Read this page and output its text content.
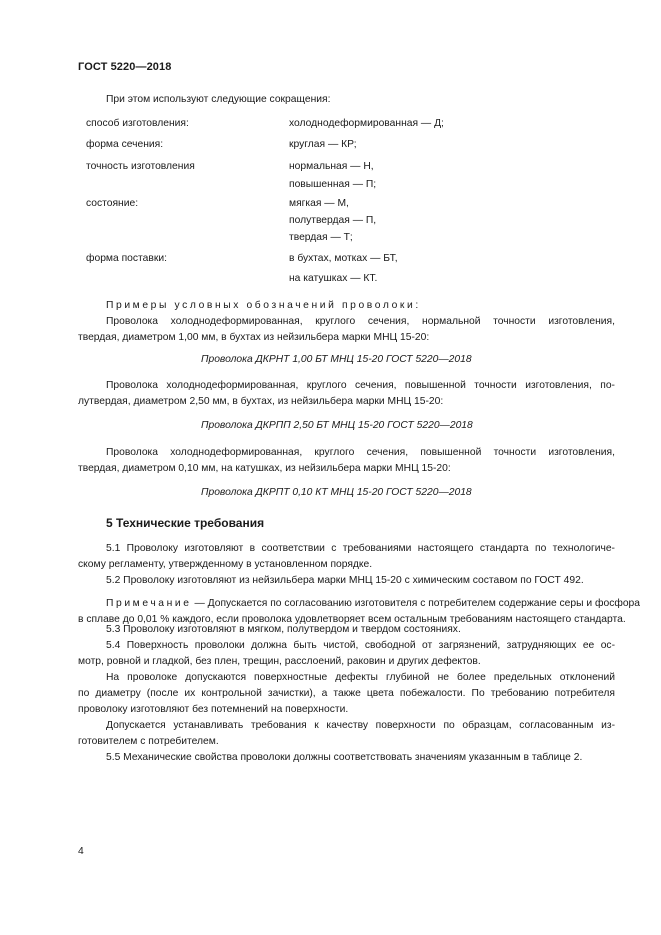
ГОСТ 5220—2018
При этом используют следующие сокращения:
способ изготовления:	холоднодеформированная — Д;
форма сечения:	круглая — КР;
точность изготовления	нормальная — Н,
повышенная — П;
состояние:	мягкая — М,
полутвердая — П,
твердая — Т;
форма поставки:	в бухтах, мотках — БТ,
на катушках — КТ.
Примеры условных обозначений проволоки:
Проволока холоднодеформированная, круглого сечения, нормальной точности изготовления,
твердая, диаметром 1,00 мм, в бухтах из нейзильбера марки МНЦ 15-20:
Проволока ДКРНТ 1,00 БТ МНЦ 15-20 ГОСТ 5220—2018
Проволока холоднодеформированная, круглого сечения, повышенной точности изготовления, по-
лутвердая, диаметром 2,50 мм, в бухтах, из нейзильбера марки МНЦ 15-20:
Проволока ДКРПП 2,50 БТ МНЦ 15-20 ГОСТ 5220—2018
Проволока холоднодеформированная, круглого сечения, повышенной точности изготовления,
твердая, диаметром 0,10 мм, на катушках, из нейзильбера марки МНЦ 15-20:
Проволока ДКРПТ 0,10 КТ МНЦ 15-20 ГОСТ 5220—2018
5 Технические требования
5.1 Проволоку изготовляют в соответствии с требованиями настоящего стандарта по технологиче-
скому регламенту, утвержденному в установленном порядке.
5.2 Проволоку изготовляют из нейзильбера марки МНЦ 15-20 с химическим составом по ГОСТ 492.
Примечание — Допускается по согласованию изготовителя с потребителем содержание серы и фосфора
в сплаве до 0,01 % каждого, если проволока удовлетворяет всем остальным требованиям настоящего стандарта.
5.3 Проволоку изготовляют в мягком, полутвердом и твердом состояниях.
5.4 Поверхность проволоки должна быть чистой, свободной от загрязнений, затрудняющих ее ос-
мотр, ровной и гладкой, без плен, трещин, расслоений, раковин и других дефектов.
На проволоке допускаются поверхностные дефекты глубиной не более предельных отклонений
по диаметру (после их контрольной зачистки), а также цвета побежалости. По требованию потребителя
проволоку изготовляют без потемнений на поверхности.
Допускается устанавливать требования к качеству поверхности по образцам, согласованным из-
готовителем с потребителем.
5.5 Механические свойства проволоки должны соответствовать значениям указанным в таблице 2.
4
